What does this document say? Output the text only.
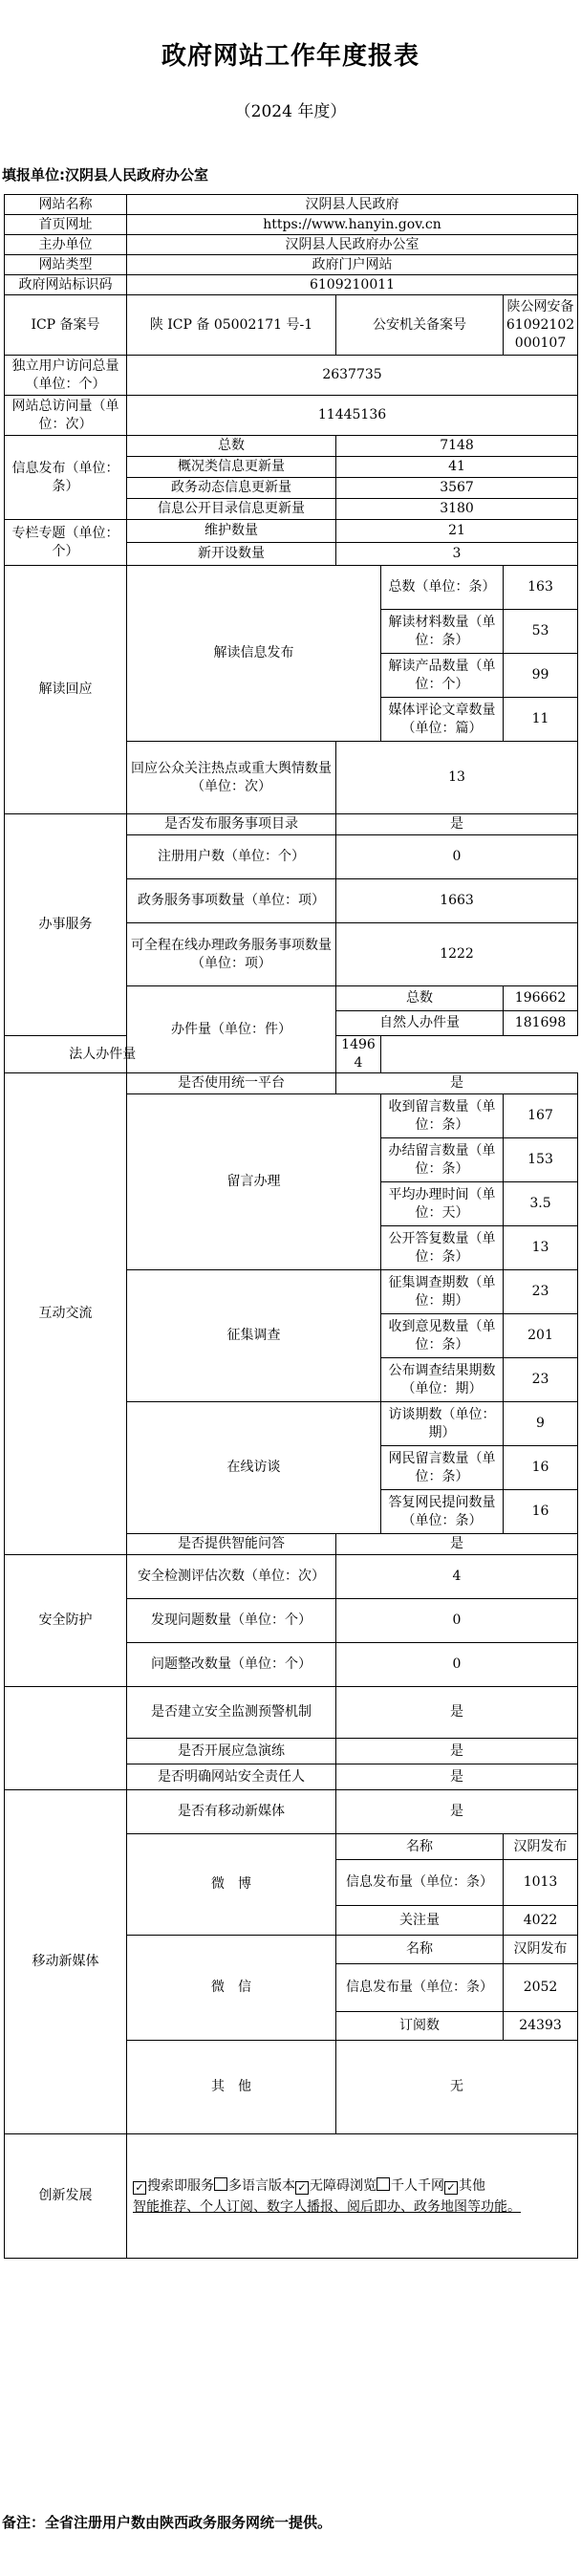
政府网站工作年度报表
（2024 年度）
填报单位:汉阴县人民政府办公室
网站名称	汉阴县人民政府			
首页网址	https://www.hanyin.gov.cn			
主办单位	汉阴县人民政府办公室			
网站类型	政府门户网站			
政府网站标识码	6109210011			
ICP 备案号	陕 ICP 备 05002171 号-1	公安机关备案号		陕公网安备61092102000107
独立用户访问总量（单位：个）	2637735			
网站总访问量（单位：次）	11445136			
信息发布（单位：条）	总数	7148		
	概况类信息更新量	41		
	政务动态信息更新量	3567		
	信息公开目录信息更新量	3180		
专栏专题（单位：个）	维护数量	21		
	新开设数量	3		
解读回应	解读信息发布		总数（单位：条）	163
			解读材料数量（单位：条）	53
			解读产品数量（单位：个）	99
			媒体评论文章数量（单位：篇）	11
	回应公众关注热点或重大舆情数量（单位：次）	13		
办事服务	是否发布服务事项目录	是		
	注册用户数（单位：个）	0		
	政务服务事项数量（单位：项）	1663		
	可全程在线办理政务服务事项数量（单位：项）	1222		
	办件量（单位：件）	总数		196662
		自然人办件量		181698
法人办件量		14964		
互动交流	是否使用统一平台	是		
	留言办理		收到留言数量（单位：条）	167
			办结留言数量（单位：条）	153
			平均办理时间（单位：天）	3.5
			公开答复数量（单位：条）	13
	征集调查		征集调查期数（单位：期）	23
			收到意见数量（单位：条）	201
			公布调查结果期数（单位：期）	23
	在线访谈		访谈期数（单位：期）	9
			网民留言数量（单位：条）	16
			答复网民提问数量（单位：条）	16
	是否提供智能问答	是		
安全防护	安全检测评估次数（单位：次）	4		
	发现问题数量（单位：个）	0		
	问题整改数量（单位：个）	0		
	是否建立安全监测预警机制	是		
	是否开展应急演练	是		
	是否明确网站安全责任人	是		
移动新媒体	是否有移动新媒体	是		
	微　博	名称		汉阴发布
		信息发布量（单位：条）		1013
		关注量		4022
	微　信	名称		汉阴发布
		信息发布量（单位：条）		2052
		订阅数		24393
	其　他	无		
创新发展	✓ 搜索即服务 多语言版本 ✓ 无障碍浏览 千人千网 ✓ 其他
智能推荐、个人订阅、数字人播报、阅后即办、政务地图等功能。			
备注：全省注册用户数由陕西政务服务网统一提供。
